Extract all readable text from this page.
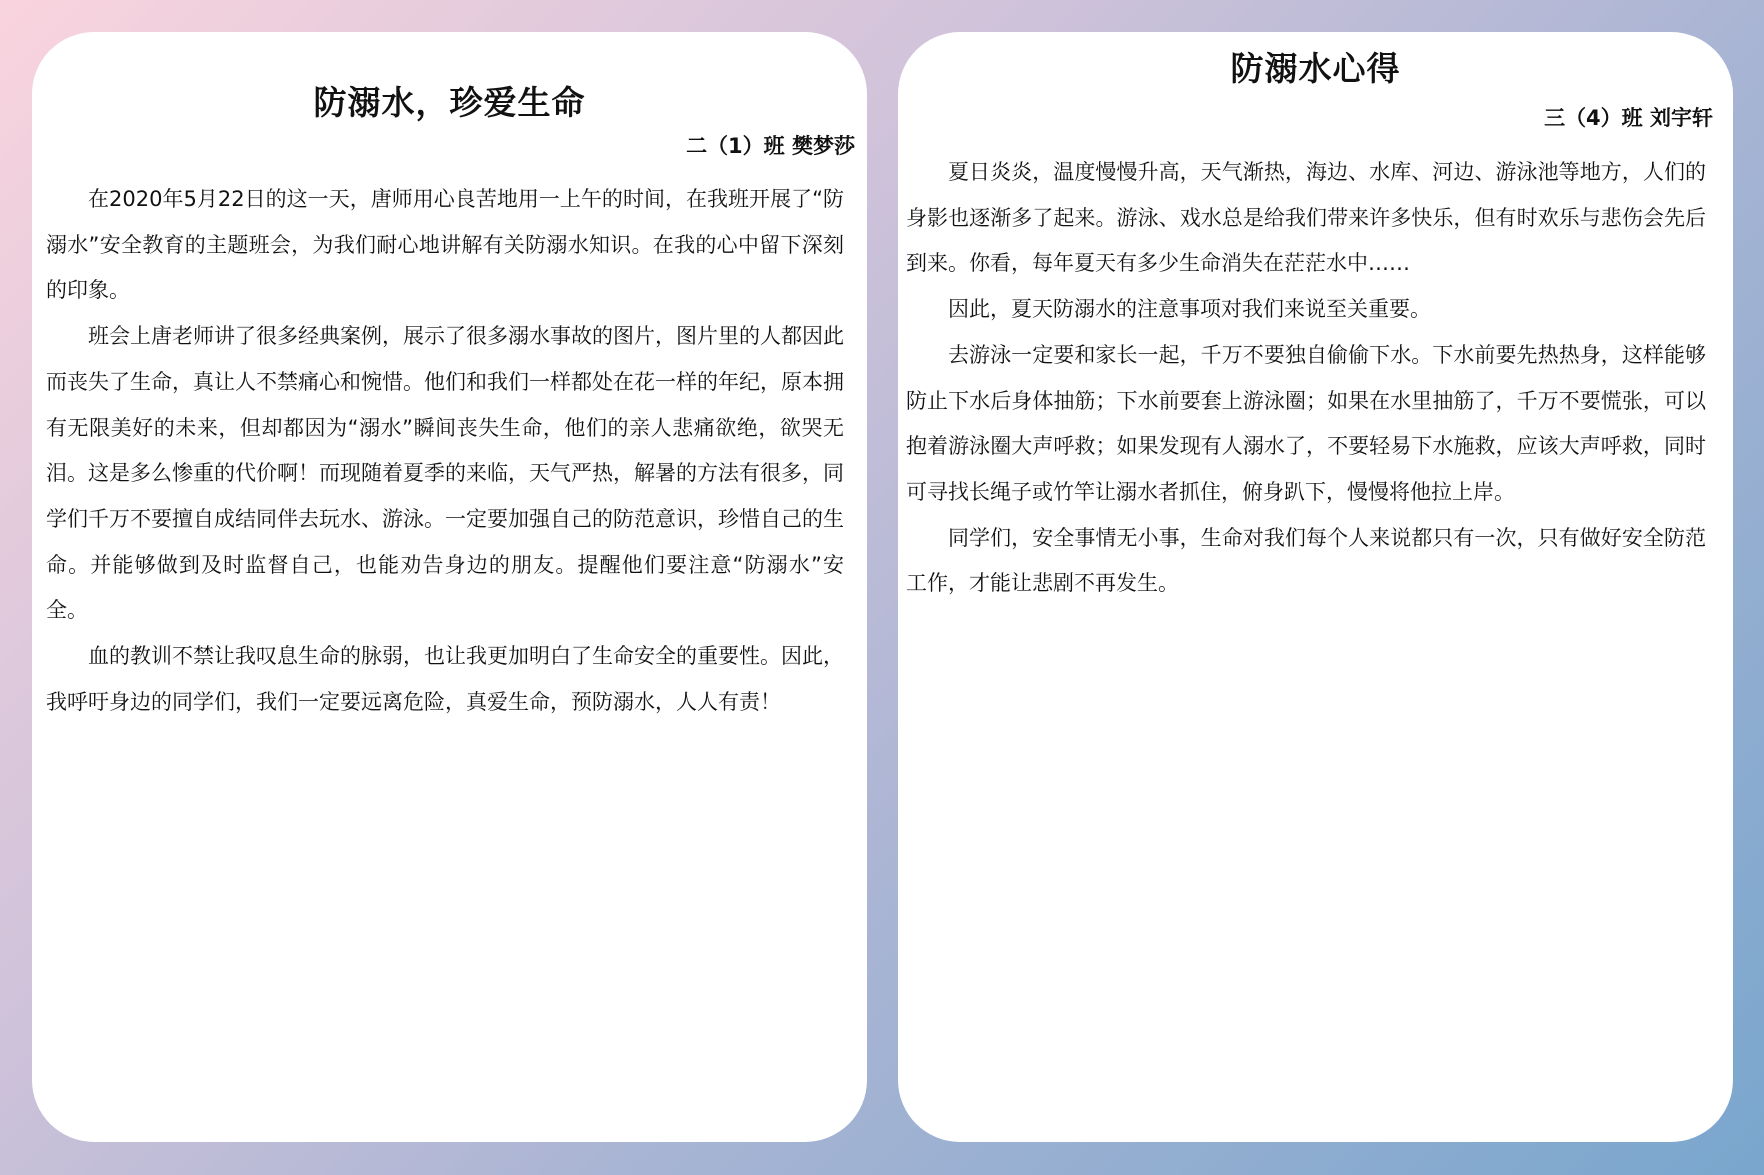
防溺水，珍爱生命
二（1）班 樊梦莎

在2020年5月22日的这一天，唐师用心良苦地用一上午的时间，在我班开展了“防溺水”安全教育的主题班会，为我们耐心地讲解有关防溺水知识。在我的心中留下深刻的印象。

班会上唐老师讲了很多经典案例，展示了很多溺水事故的图片，图片里的人都因此而丧失了生命，真让人不禁痛心和惋惜。他们和我们一样都处在花一样的年纪，原本拥有无限美好的未来，但却都因为“溺水”瞬间丧失生命，他们的亲人悲痛欲绝，欲哭无泪。这是多么惨重的代价啊！而现随着夏季的来临，天气严热，解暑的方法有很多，同学们千万不要擅自成结同伴去玩水、游泳。一定要加强自己的防范意识，珍惜自己的生命。并能够做到及时监督自己，也能劝告身边的朋友。提醒他们要注意“防溺水”安全。

血的教训不禁让我叹息生命的脉弱，也让我更加明白了生命安全的重要性。因此，我呼吁身边的同学们，我们一定要远离危险，真爱生命，预防溺水，人人有责！

防溺水心得
三（4）班 刘宇轩

夏日炎炎，温度慢慢升高，天气渐热，海边、水库、河边、游泳池等地方，人们的身影也逐渐多了起来。游泳、戏水总是给我们带来许多快乐，但有时欢乐与悲伤会先后到来。你看，每年夏天有多少生命消失在茫茫水中……

因此，夏天防溺水的注意事项对我们来说至关重要。

去游泳一定要和家长一起，千万不要独自偷偷下水。下水前要先热热身，这样能够防止下水后身体抽筋；下水前要套上游泳圈；如果在水里抽筋了，千万不要慌张，可以抱着游泳圈大声呼救；如果发现有人溺水了，不要轻易下水施救，应该大声呼救，同时可寻找长绳子或竹竿让溺水者抓住，俯身趴下，慢慢将他拉上岸。

同学们，安全事情无小事，生命对我们每个人来说都只有一次，只有做好安全防范工作，才能让悲剧不再发生。
